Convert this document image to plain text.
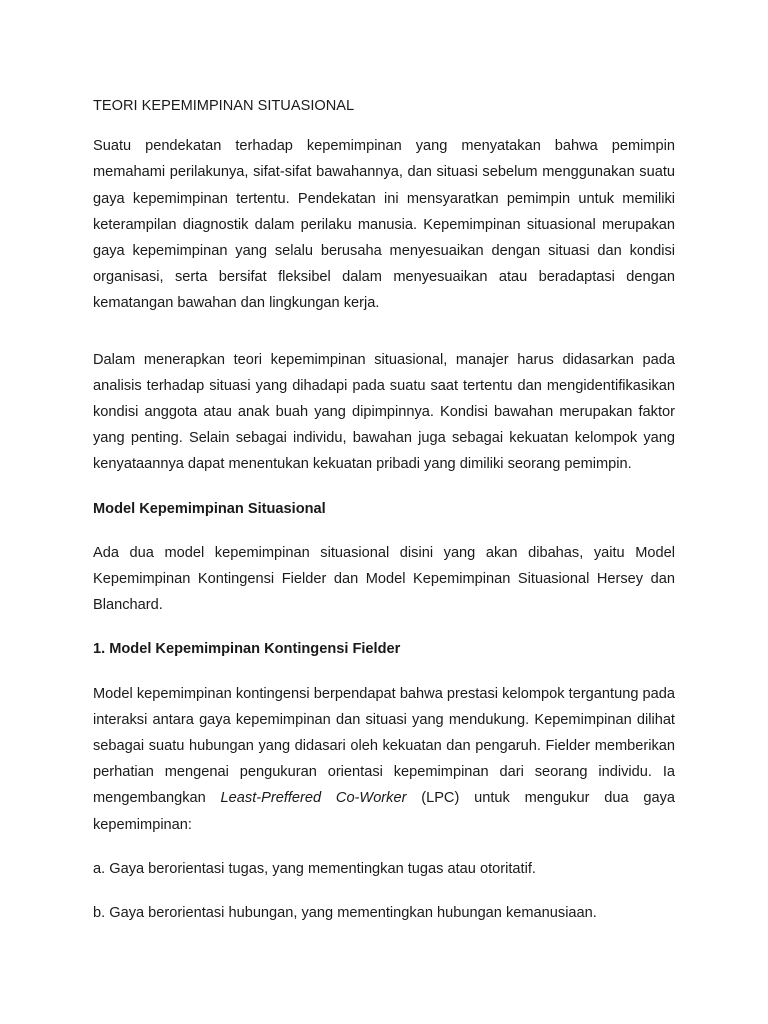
TEORI KEPEMIMPINAN SITUASIONAL

Suatu pendekatan terhadap kepemimpinan yang menyatakan bahwa pemimpin memahami perilakunya, sifat-sifat bawahannya, dan situasi sebelum menggunakan suatu gaya kepemimpinan tertentu. Pendekatan ini mensyaratkan pemimpin untuk memiliki keterampilan diagnostik dalam perilaku manusia. Kepemimpinan situasional merupakan gaya kepemimpinan yang selalu berusaha menyesuaikan dengan situasi dan kondisi organisasi, serta bersifat fleksibel dalam menyesuaikan atau beradaptasi dengan kematangan bawahan dan lingkungan kerja.

Dalam menerapkan teori kepemimpinan situasional, manajer harus didasarkan pada analisis terhadap situasi yang dihadapi pada suatu saat tertentu dan mengidentifikasikan kondisi anggota atau anak buah yang dipimpinnya. Kondisi bawahan merupakan faktor yang penting. Selain sebagai individu, bawahan juga sebagai kekuatan kelompok yang kenyataannya dapat menentukan kekuatan pribadi yang dimiliki seorang pemimpin.

Model Kepemimpinan Situasional

Ada dua model kepemimpinan situasional disini yang akan dibahas, yaitu Model Kepemimpinan Kontingensi Fielder dan Model Kepemimpinan Situasional Hersey dan Blanchard.

1. Model Kepemimpinan Kontingensi Fielder

Model kepemimpinan kontingensi berpendapat bahwa prestasi kelompok tergantung pada interaksi antara gaya kepemimpinan dan situasi yang mendukung. Kepemimpinan dilihat sebagai suatu hubungan yang didasari oleh kekuatan dan pengaruh. Fielder memberikan perhatian mengenai pengukuran orientasi kepemimpinan dari seorang individu. Ia mengembangkan Least-Preffered Co-Worker (LPC) untuk mengukur dua gaya kepemimpinan:

a. Gaya berorientasi tugas, yang mementingkan tugas atau otoritatif.

b. Gaya berorientasi hubungan, yang mementingkan hubungan kemanusiaan.
